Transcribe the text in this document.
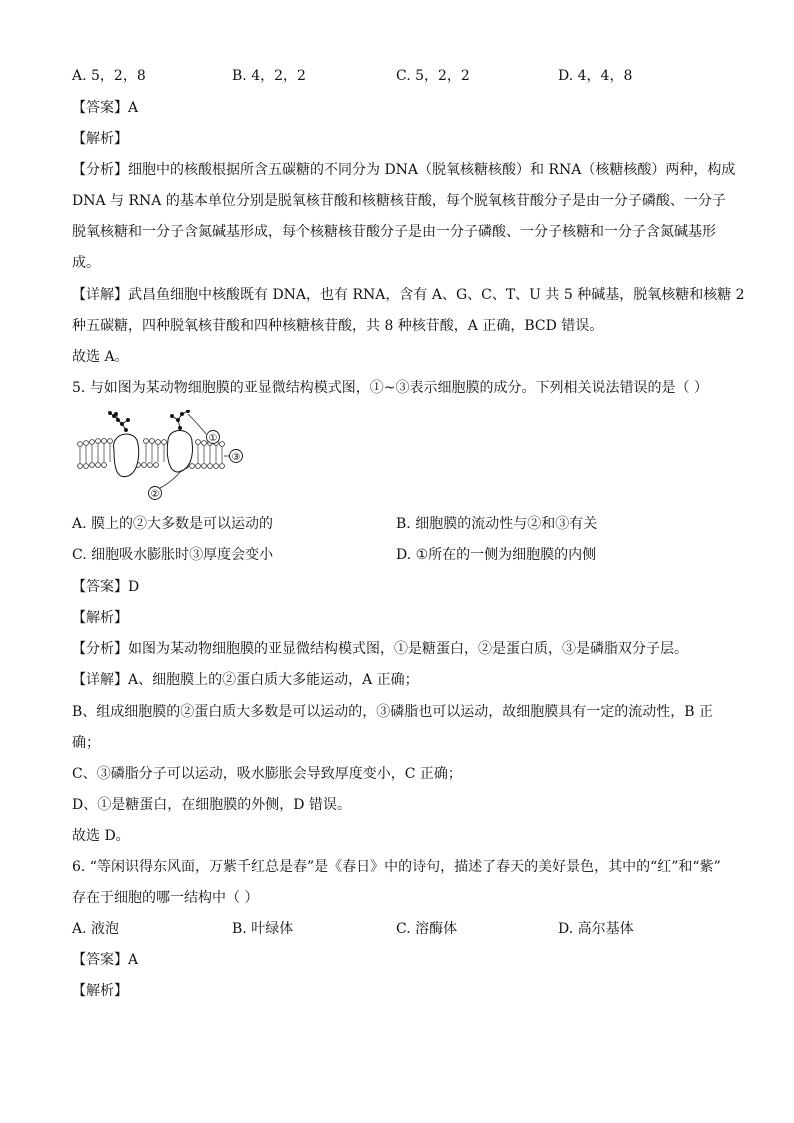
A. 5，2，8	B. 4，2，2	C. 5，2，2	D. 4，4，8
【答案】A
【解析】
【分析】细胞中的核酸根据所含五碳糖的不同分为 DNA（脱氧核糖核酸）和 RNA（核糖核酸）两种，构成
DNA 与 RNA 的基本单位分别是脱氧核苷酸和核糖核苷酸，每个脱氧核苷酸分子是由一分子磷酸、一分子
脱氧核糖和一分子含氮碱基形成，每个核糖核苷酸分子是由一分子磷酸、一分子核糖和一分子含氮碱基形
成。
【详解】武昌鱼细胞中核酸既有 DNA，也有 RNA，含有 A、G、C、T、U 共 5 种碱基，脱氧核糖和核糖 2
种五碳糖，四种脱氧核苷酸和四种核糖核苷酸，共 8 种核苷酸，A 正确，BCD 错误。
故选 A。
5. 与如图为某动物细胞膜的亚显微结构模式图，①~③表示细胞膜的成分。下列相关说法错误的是（ ）
①
②
③
A. 膜上的②大多数是可以运动的	B. 细胞膜的流动性与②和③有关
C. 细胞吸水膨胀时③厚度会变小	D. ①所在的一侧为细胞膜的内侧
【答案】D
【解析】
【分析】如图为某动物细胞膜的亚显微结构模式图，①是糖蛋白，②是蛋白质，③是磷脂双分子层。
【详解】A、细胞膜上的②蛋白质大多能运动，A 正确；
B、组成细胞膜的②蛋白质大多数是可以运动的，③磷脂也可以运动，故细胞膜具有一定的流动性，B 正
确；
C、③磷脂分子可以运动，吸水膨胀会导致厚度变小，C 正确；
D、①是糖蛋白，在细胞膜的外侧，D 错误。
故选 D。
6. “等闲识得东风面，万紫千红总是春”是《春日》中的诗句，描述了春天的美好景色，其中的“红”和“紫”
存在于细胞的哪一结构中（ ）
A. 液泡	B. 叶绿体	C. 溶酶体	D. 高尔基体
【答案】A
【解析】
